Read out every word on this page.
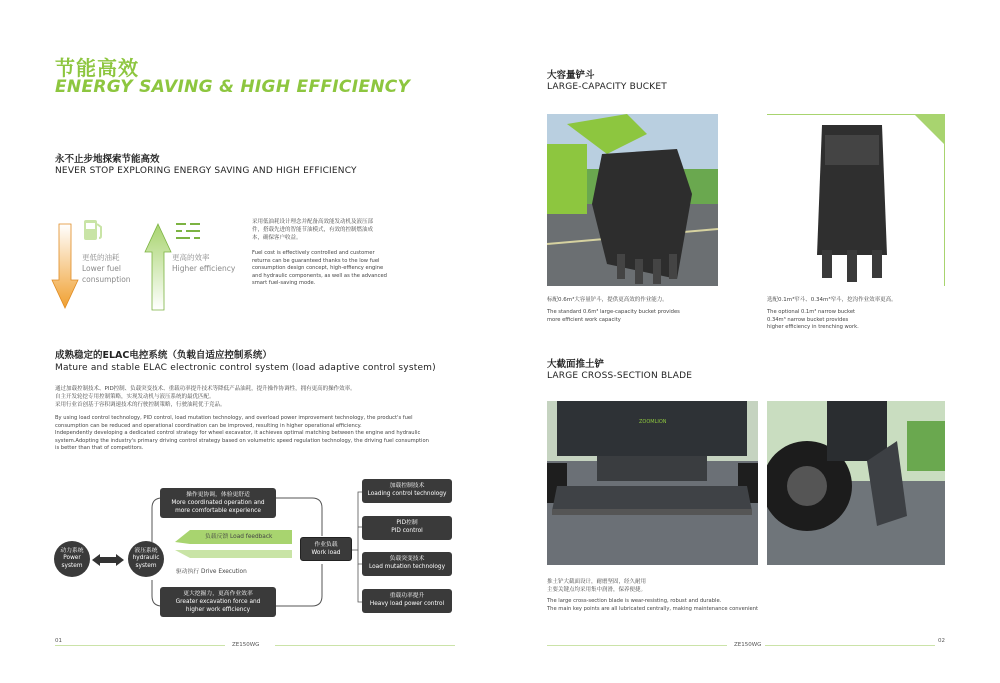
节能高效
ENERGY SAVING & HIGH EFFICIENCY
永不止步地探索节能高效
NEVER STOP EXPLORING ENERGY SAVING AND HIGH EFFICIENCY
更低的油耗
Lower fuel
consumption
更高的效率
Higher efficiency
采用低油耗设计理念并配备高效能发动机及液压部
件，搭载先进的智能节油模式，有效的控制燃油成
本，确保客户收益。
Fuel cost is effectively controlled and customer
returns can be guaranteed thanks to the low fuel
consumption design concept, high-effiency engine
and hydraulic components, as well as the advanced
smart fuel-saving mode.
成熟稳定的ELAC电控系统（负载自适应控制系统）
Mature and stable ELAC electronic control system (load adaptive control system)
通过加载控制技术、PID控制、负载突变技术、重载功率提升技术等降低产品油耗，提升操作协调性，拥有更高的操作效率。
自主开发轮挖专用控制策略，实现发动机与液压系统的最优匹配。
采用行业首创基于容积调速技术的行驶控制策略，行驶油耗优于竞品。
By using load control technology, PID control, load mutation technology, and overload power improvement technology, the product's fuel
consumption can be reduced and operational coordination can be improved, resulting in higher operational efficiency.
Independently developing a dedicated control strategy for wheel excavator, it achieves optimal matching between the engine and hydraulic
system.Adopting the industry's primary driving control strategy based on volumetric speed regulation technology, the driving fuel consumption
is better than that of competitors.
动力系统
Power
system
液压系统
hydraulic
system
操作更协调，体验更舒适
More coordinated operation and
more comfortable experience
更大挖掘力，更高作业效率
Greater excavation force and
higher work efficiency
负载反馈 Load feedback
驱动执行 Drive Execution
作业负载
Work load
加载控制技术
Loading control technology
PID控制
PID control
负载突变技术
Load mutation technology
重载功率提升
Heavy load power control
01
ZE150WG
大容量铲斗
LARGE-CAPACITY BUCKET
标配0.6m³大容量铲斗，提供更高效的作业能力。
The standard 0.6m³ large-capacity bucket provides
more efficient work capacity
选配0.1m³窄斗、0.34m³窄斗，挖沟作业效率更高。
The optional 0.1m³ narrow bucket
0.34m³ narrow bucket provides
higher efficiency in trenching work.
大截面推土铲
LARGE CROSS-SECTION BLADE
ZOOMLION
推土铲大截面设计，耐磨坚固，经久耐用
主要关键点均采用集中润滑，保养便捷。
The large cross-section blade is wear-resisting, robust and durable.
The main key points are all lubricated centrally, making maintenance convenient
ZE150WG
02
